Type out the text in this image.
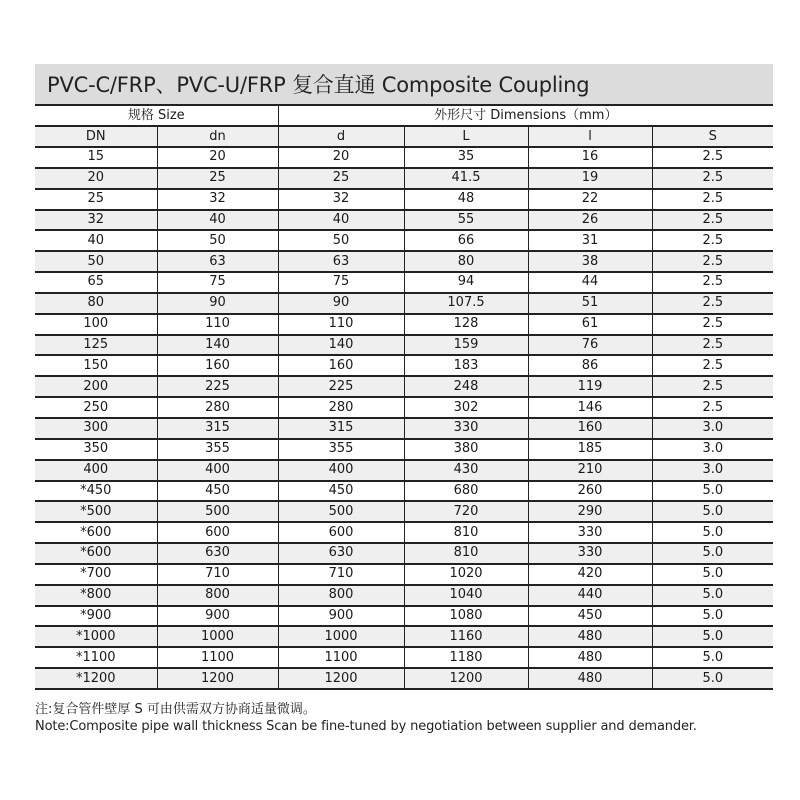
PVC-C/FRP、PVC-U/FRP 复合直通 Composite Coupling
规格 Size		外形尺寸 Dimensions（mm）			
DN	dn	d	L	l	S
15	20	20	35	16	2.5
20	25	25	41.5	19	2.5
25	32	32	48	22	2.5
32	40	40	55	26	2.5
40	50	50	66	31	2.5
50	63	63	80	38	2.5
65	75	75	94	44	2.5
80	90	90	107.5	51	2.5
100	110	110	128	61	2.5
125	140	140	159	76	2.5
150	160	160	183	86	2.5
200	225	225	248	119	2.5
250	280	280	302	146	2.5
300	315	315	330	160	3.0
350	355	355	380	185	3.0
400	400	400	430	210	3.0
*450	450	450	680	260	5.0
*500	500	500	720	290	5.0
*600	600	600	810	330	5.0
*600	630	630	810	330	5.0
*700	710	710	1020	420	5.0
*800	800	800	1040	440	5.0
*900	900	900	1080	450	5.0
*1000	1000	1000	1160	480	5.0
*1100	1100	1100	1180	480	5.0
*1200	1200	1200	1200	480	5.0
注:复合管件壁厚 S 可由供需双方协商适量微调。
Note:Composite pipe wall thickness Scan be fine-tuned by negotiation between supplier and demander.
